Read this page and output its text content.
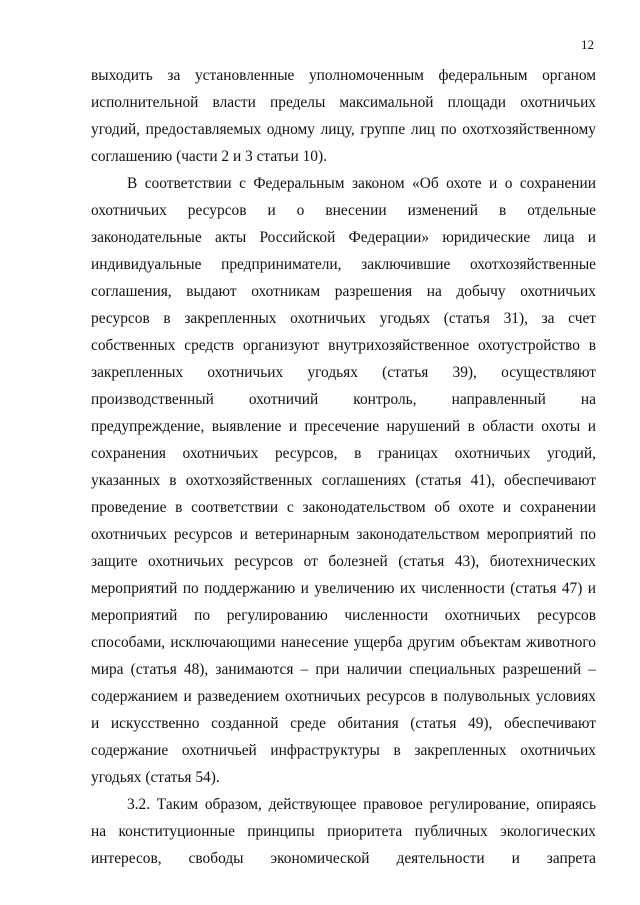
12
выходить за установленные уполномоченным федеральным органом
исполнительной власти пределы максимальной площади охотничьих
угодий, предоставляемых одному лицу, группе лиц по охотхозяйственному
соглашению (части 2 и 3 статьи 10).
В соответствии с Федеральным законом «Об охоте и о сохранении
охотничьих ресурсов и о внесении изменений в отдельные
законодательные акты Российской Федерации» юридические лица и
индивидуальные предприниматели, заключившие охотхозяйственные
соглашения, выдают охотникам разрешения на добычу охотничьих
ресурсов в закрепленных охотничьих угодьях (статья 31), за счет
собственных средств организуют внутрихозяйственное охотустройство в
закрепленных охотничьих угодьях (статья 39), осуществляют
производственный охотничий контроль, направленный на
предупреждение, выявление и пресечение нарушений в области охоты и
сохранения охотничьих ресурсов, в границах охотничьих угодий,
указанных в охотхозяйственных соглашениях (статья 41), обеспечивают
проведение в соответствии с законодательством об охоте и сохранении
охотничьих ресурсов и ветеринарным законодательством мероприятий по
защите охотничьих ресурсов от болезней (статья 43), биотехнических
мероприятий по поддержанию и увеличению их численности (статья 47) и
мероприятий по регулированию численности охотничьих ресурсов
способами, исключающими нанесение ущерба другим объектам животного
мира (статья 48), занимаются – при наличии специальных разрешений –
содержанием и разведением охотничьих ресурсов в полувольных условиях
и искусственно созданной среде обитания (статья 49), обеспечивают
содержание охотничьей инфраструктуры в закрепленных охотничьих
угодьях (статья 54).
3.2. Таким образом, действующее правовое регулирование, опираясь
на конституционные принципы приоритета публичных экологических
интересов, свободы экономической деятельности и запрета
